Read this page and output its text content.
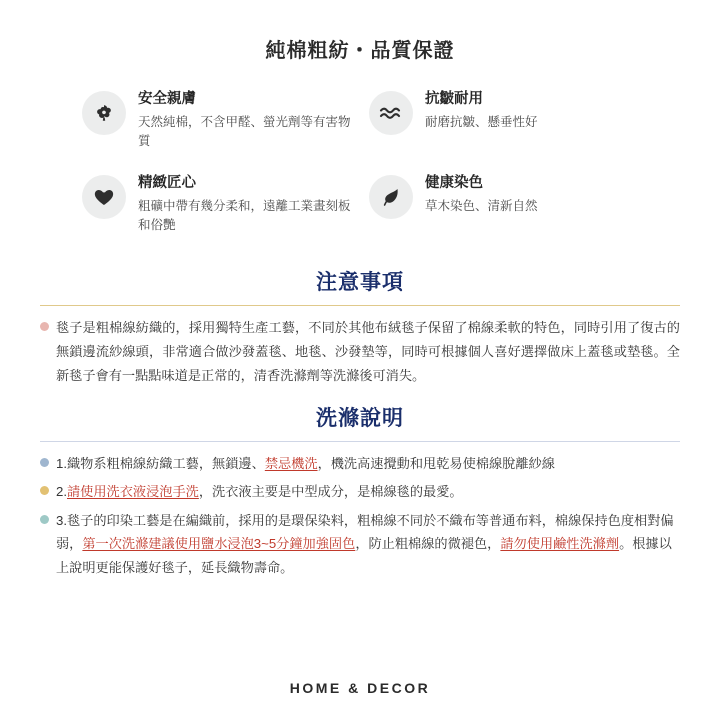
純棉粗紡・品質保證
安全親膚
天然純棉，不含甲醛、螢光劑等有害物質
抗皺耐用
耐磨抗皺、懸垂性好
精緻匠心
粗礦中帶有幾分柔和，遠離工業畫刻板和俗艷
健康染色
草木染色、清新自然
注意事項
毯子是粗棉線紡織的，採用獨特生產工藝，不同於其他布絨毯子保留了棉線柔軟的特色，同時引用了復古的無鎖邊流紗線頭，非常適合做沙發蓋毯、地毯、沙發墊等，同時可根據個人喜好選擇做床上蓋毯或墊毯。全新毯子會有一點點味道是正常的，清香洗滌劑等洗滌後可消失。
洗滌說明
1.織物系粗棉線紡織工藝，無鎖邊、禁忌機洗，機洗高速攪動和甩乾易使棉線脫離紗線
2.請使用洗衣液浸泡手洗，洗衣液主要是中型成分，是棉線毯的最愛。
3.毯子的印染工藝是在編織前，採用的是環保染料，粗棉線不同於不織布等普通布料，棉線保持色度相對偏弱，第一次洗滌建議使用鹽水浸泡3~5分鐘加強固色，防止粗棉線的微褪色，請勿使用鹼性洗滌劑。根據以上說明更能保護好毯子，延長織物壽命。
HOME & DECOR
